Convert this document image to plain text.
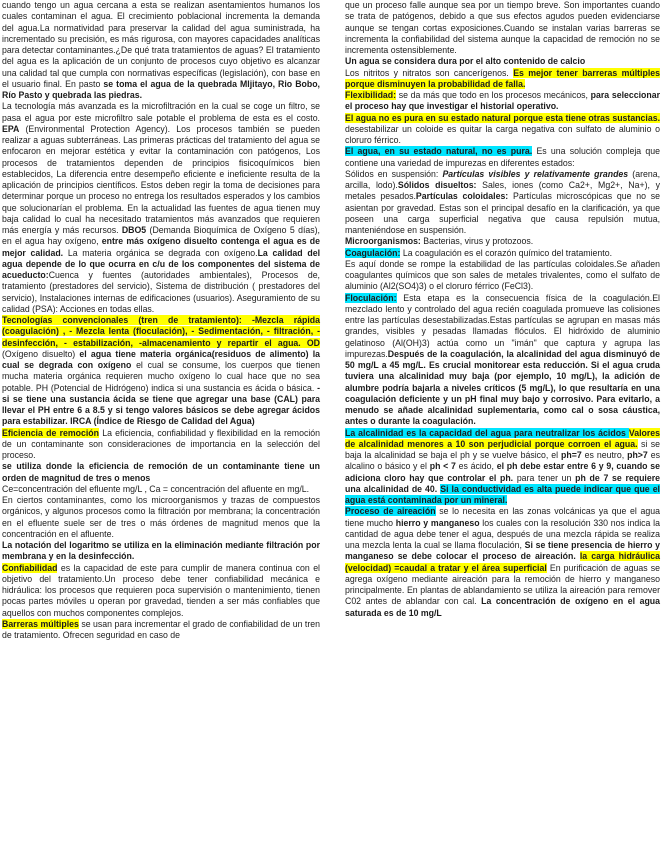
cuando tengo un agua cercana a esta se realizan asentamientos humanos los cuales contaminan el agua. El crecimiento poblacional incrementa la demanda del agua.La normatividad para preservar la calidad del agua suministrada, ha incrementado su precisión, es más rigurosa, con mayores capacidades analíticas para detectar contaminantes.¿De qué trata tratamientos de aguas? El tratamiento del agua es la aplicación de un conjunto de procesos cuyo objetivo es alcanzar una calidad tal que cumpla con normativas específicas (legislación), con base en el usuario final. En pasto se toma el agua de la quebrada Mljitayo, Rio Bobo, Río Pasto y quebrada las piedras.

La tecnología más avanzada es la microfiltración en la cual se coge un filtro, se pasa el agua por este microfiltro sale potable el problema de esta es el costo. EPA (Environmental Protection Agency). Los procesos también se pueden realizar a aguas subterráneas. Las primeras prácticas del tratamiento del agua se enfocaron en mejorar estética y evitar la contaminación con patógenos, Los procesos de tratamientos dependen de principios fisicoquímicos bien establecidos, La diferencia entre desempeño eficiente e ineficiente resulta de la aplicación de principios científicos. Estos deben regir la toma de decisiones para determinar porque un proceso no entrega los resultados esperados y los cambios que solucionarían el problema. En la actualidad las fuentes de agua tienen muy baja calidad lo cual ha necesitado tratamientos más avanzados que requieren más energía y más recursos. DBO5 (Demanda Bioquímica de Oxígeno 5 días), en el agua hay oxígeno, entre más oxígeno disuelto contenga el agua es de mejor calidad. La materia orgánica se degrada con oxígeno.La calidad del agua depende de lo que ocurra en c/u de los componentes del sistema de acueducto:Cuenca y fuentes (autoridades ambientales), Procesos de, tratamiento (prestadores del servicio), Sistema de distribución ( prestadores del servicio), Instalaciones internas de edificaciones (usuarios). Aseguramiento de su calidad (PSA): Acciones en todas ellas.

Tecnologías convencionales (tren de tratamiento): -Mezcla rápida (coagulación) , - Mezcla lenta (floculación), - Sedimentación, - filtración, - desinfección, - estabilización, -almacenamiento y repartir el agua. OD (Oxígeno disuelto) el agua tiene materia orgánica(residuos de alimento) la cual se degrada con oxígeno el cual se consume, los cuerpos que tienen mucha materia orgánica requieren mucho oxígeno lo cual hace que no sea potable. PH (Potencial de Hidrógeno) indica si una sustancia es ácida o básica. - si se tiene una sustancia ácida se tiene que agregar una base (CAL) para llevar el PH entre 6 a 8.5 y si tengo valores básicos se debe agregar ácidos para estabilizar. IRCA (Índice de Riesgo de Calidad del Agua)

Eficiencia de remoción La eficiencia, confiabilidad y flexibilidad en la remoción de un contaminante son consideraciones de importancia en la selección del proceso.

se utiliza donde la eficiencia de remoción de un contaminante tiene un orden de magnitud de tres o menos

Ce=concentración del efluente mg/L , Ca = concentración del afluente en mg/L.

En ciertos contaminantes, como los microorganismos y trazas de compuestos orgánicos, y algunos procesos como la filtración por membrana; la concentración en el efluente suele ser de tres o más órdenes de magnitud menos que la concentración en el afluente.

La notación del logaritmo se utiliza en la eliminación mediante filtración por membrana y en la desinfección.

Confiabilidad es la capacidad de este para cumplir de manera continua con el objetivo del tratamiento.Un proceso debe tener confiabilidad mecánica e hidráulica: los procesos que requieren poca supervisión o mantenimiento, tienen pocas partes móviles u operan por gravedad, tienden a ser más confiables que aquellos con muchos componentes complejos.

Barreras múltiples se usan para incrementar el grado de confiabilidad de un tren de tratamiento. Ofrecen seguridad en caso de

que un proceso falle aunque sea por un tiempo breve. Son importantes cuando se trata de patógenos, debido a que sus efectos agudos pueden evidenciarse aunque se tengan cortas exposiciones.Cuando se instalan varias barreras se incrementa la confiabilidad del sistema aunque la capacidad de remoción no se incrementa ostensiblemente.

Un agua se considera dura por el alto contenido de calcio

Los nitritos y nitratos son cancerígenos. Es mejor tener barreras múltiples porque disminuyen la probabilidad de falla.

Flexibilidad: se da más que todo en los procesos mecánicos, para seleccionar el proceso hay que investigar el historial operativo.

El agua no es pura en su estado natural porque esta tiene otras sustancias. desestabilizar un coloide es quitar la carga negativa con sulfato de aluminio o cloruro férrico.

El agua, en su estado natural, no es pura. Es una solución compleja que contiene una variedad de impurezas en diferentes estados:

Sólidos en suspensión: Partículas visibles y relativamente grandes (arena, arcilla, lodo).Sólidos disueltos: Sales, iones (como Ca2+, Mg2+, Na+), y metales pesados.Partículas coloidales: Partículas microscópicas que no se asientan por gravedad. Estas son el principal desafío en la clarificación, ya que poseen una carga superficial negativa que causa repulsión mutua, manteniéndose en suspensión.

Microorganismos: Bacterias, virus y protozoos.

Coagulación: La coagulación es el corazón químico del tratamiento.

Es aquí donde se rompe la estabilidad de las partículas coloidales.Se añaden coagulantes químicos que son sales de metales trivalentes, como el sulfato de aluminio (Al2(SO4)3) o el cloruro férrico (FeCl3).

Floculación: Esta etapa es la consecuencia física de la coagulación.El mezclado lento y controlado del agua recién coagulada promueve las colisiones entre las partículas desestabilizadas.Estas partículas se agrupan en masas más grandes, visibles y pesadas llamadas flóculos. El hidróxido de aluminio gelatinoso (Al(OH)3) actúa como un "imán" que captura y agrupa las impurezas.Después de la coagulación, la alcalinidad del agua disminuyó de 50 mg/L a 45 mg/L. Es crucial monitorear esta reducción. Si el agua cruda tuviera una alcalinidad muy baja (por ejemplo, 10 mg/L), la adición de alumbre podría bajarla a niveles críticos (5 mg/L), lo que resultaría en una coagulación deficiente y un pH final muy bajo y corrosivo. Para evitarlo, a menudo se añade alcalinidad suplementaria, como cal o sosa cáustica, antes o durante la coagulación.

La alcalinidad es la capacidad del agua para neutralizar los ácidos Valores de alcalinidad menores a 10 son perjudicial porque corroen el agua. si se baja la alcalinidad se baja el ph y se vuelve básico, el ph=7 es neutro, ph>7 es alcalino o básico y el ph < 7 es ácido, el ph debe estar entre 6 y 9, cuando se adiciona cloro hay que controlar el ph. para tener un ph de 7 se requiere una alcalinidad de 40. Si la conductividad es alta puede indicar que que el agua está contaminada por un mineral.

Proceso de aireación se lo necesita en las zonas volcánicas ya que el agua tiene mucho hierro y manganeso los cuales con la resolución 330 nos indica la cantidad de agua debe tener el agua, después de una mezcla rápida se realiza una mezcla lenta la cual se llama floculación, Si se tiene presencia de hierro y manganeso se debe colocar el proceso de aireación. la carga hidráulica (velocidad) =caudal a tratar y el área superficial En purificación de aguas se agrega oxígeno mediante aireación para la remoción de hierro y manganeso principalmente. En plantas de ablandamiento se utiliza la aireación para remover C02 antes de ablandar con cal. La concentración de oxígeno en el agua saturada es de 10 mg/L
